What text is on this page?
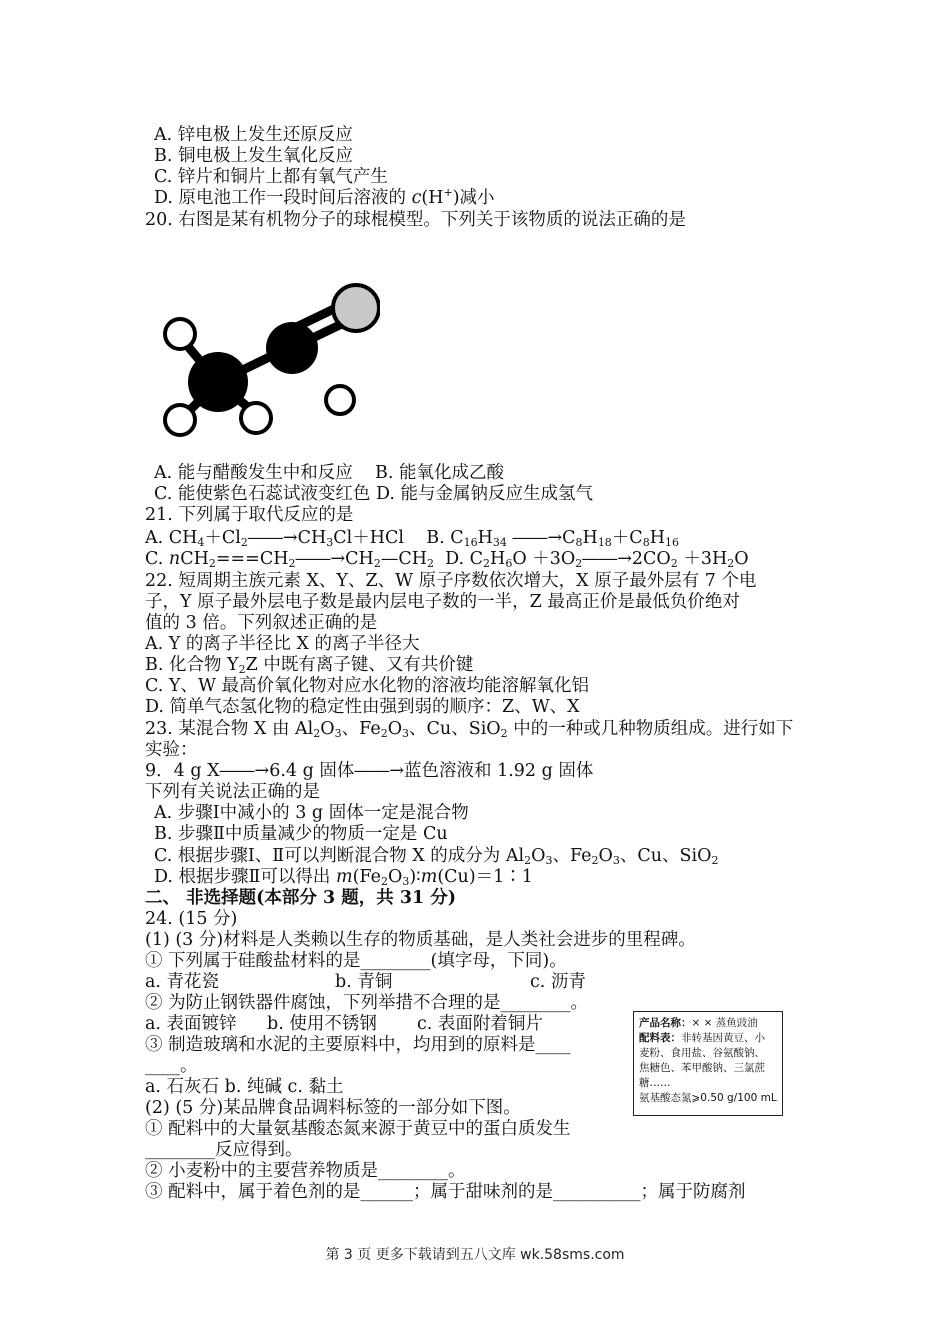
A. 锌电极上发生还原反应
B. 铜电极上发生氧化反应
C. 锌片和铜片上都有氧气产生
D. 原电池工作一段时间后溶液的 c(H+)减小
20. 右图是某有机物分子的球棍模型。下列关于该物质的说法正确的是
A. 能与醋酸发生中和反应 B. 能氧化成乙酸
C. 能使紫色石蕊试液变红色 D. 能与金属钠反应生成氢气
21. 下列属于取代反应的是
A. $CH_4+Cl_2――\to CH_3Cl+HCl$ B. $C_{16}H_{34}$ $――\to C_8H_{18}+C_8H_{16}$
C. $nCH_2===CH_2――\to CH_2—CH_2$ D. $C_2H_6O$ $+3O_2――\to 2CO_2 +3H_2O$
22. 短周期主族元素 X、Y、Z、W 原子序数依次增大，X 原子最外层有 7 个电
子，Y 原子最外层电子数是最内层电子数的一半，Z 最高正价是最低负价绝对
值的 3 倍。下列叙述正确的是
A. Y 的离子半径比 X 的离子半径大
B. 化合物 $Y_2Z$ 中既有离子键、又有共价键
C. Y、W 最高价氧化物对应水化物的溶液均能溶解氧化铝
D. 简单气态氢化物的稳定性由强到弱的顺序：Z、W、X
23. 某混合物 X 由 $Al_2O_3$、$Fe_2O_3$、Cu、SiO$_2$ 中的一种或几种物质组成。进行如下
实验：
9．4 g X――→6.4 g 固体――→蓝色溶液和 1.92 g 固体
下列有关说法正确的是
A. 步骤Ⅰ中减小的 3 g 固体一定是混合物
B. 步骤Ⅱ中质量减少的物质一定是 Cu
C. 根据步骤Ⅰ、Ⅱ可以判断混合物 X 的成分为 $Al_2O_3$、$Fe_2O_3$、Cu、SiO$_2$
D. 根据步骤Ⅱ可以得出 $m(Fe_2O_3)∶m(Cu)=1∶1$
二、 非选择题(本部分 3 题，共 31 分)
24. (15 分)
(1) (3 分)材料是人类赖以生存的物质基础，是人类社会进步的里程碑。
① 下列属于硅酸盐材料的是________(填字母，下同)。
a. 青花瓷	b. 青铜	c. 沥青
② 为防止钢铁器件腐蚀，下列举措不合理的是________。
a. 表面镀锌 b. 使用不锈钢 c. 表面附着铜片
③ 制造玻璃和水泥的主要原料中，均用到的原料是____
____。
a. 石灰石 b. 纯碱 c. 黏土
(2) (5 分)某品牌食品调料标签的一部分如下图。
① 配料中的大量氨基酸态氮来源于黄豆中的蛋白质发生
________反应得到。
② 小麦粉中的主要营养物质是________。
③ 配料中，属于着色剂的是______；属于甜味剂的是__________；属于防腐剂
产品名称：× × 蒸鱼豉油
配料表：非转基因黄豆、小
麦粉、食用盐、谷氨酸钠、
焦糖色、苯甲酸钠、三氯蔗
糖……
氨基酸态氮⩾0.50 g/100 mL
第 3 页 更多下载请到五八文库 wk.58sms.com
